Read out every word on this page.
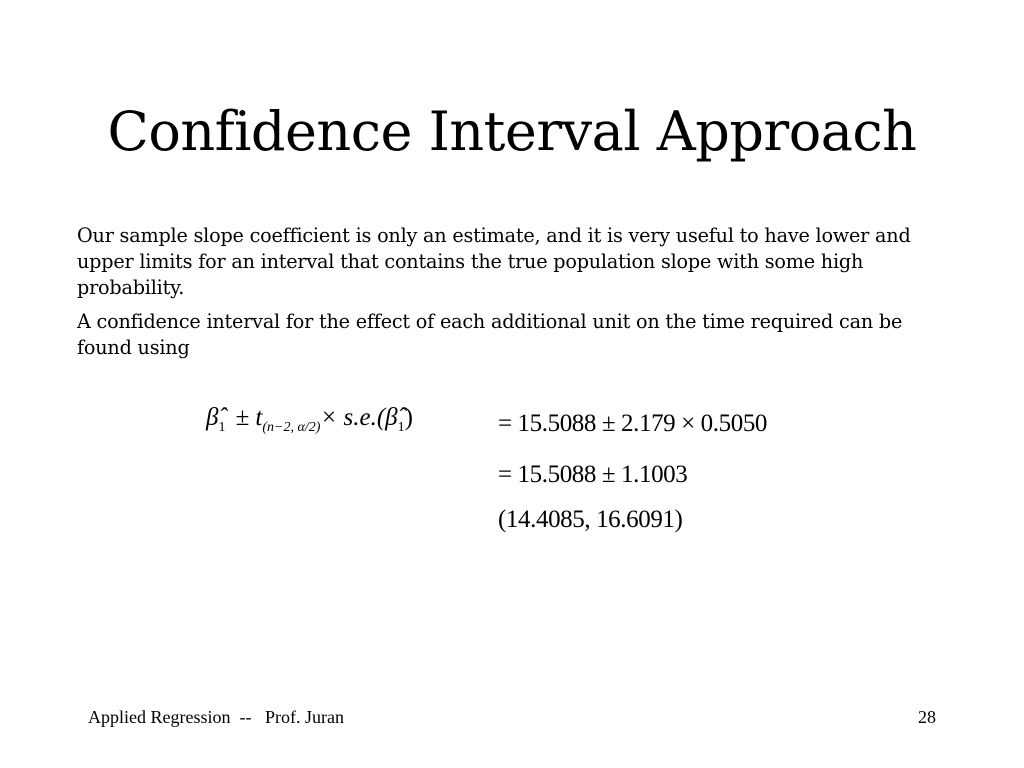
Confidence Interval Approach
Our sample slope coefficient is only an estimate, and it is very useful to have lower and upper limits for an interval that contains the true population slope with some high probability.
A confidence interval for the effect of each additional unit on the time required can be found using
$\betâ_1 \pm t_{(n-2, \alpha/2)}\times$ $s.e.(\betâ_1)$	= 15.5088 ± 2.179 × 0.5050
= 15.5088 ± 1.1003
(14.4085, 16.6091)
Applied Regression  --   Prof. Juran	28
